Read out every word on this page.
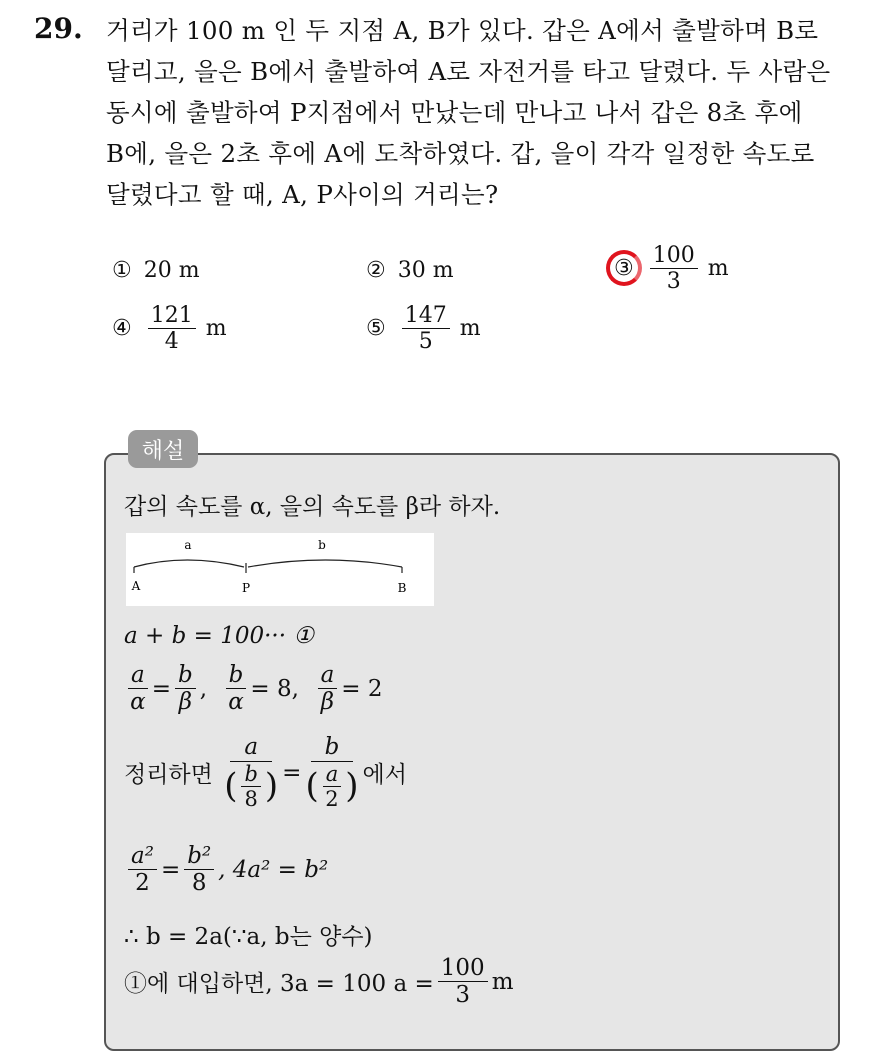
29. 거리가 100 m 인 두 지점 A, B가 있다. 갑은 A에서 출발하며 B로
달리고, 을은 B에서 출발하여 A로 자전거를 타고 달렸다. 두 사람은
동시에 출발하여 P지점에서 만났는데 만나고 나서 갑은 8초 후에
B에, 을은 2초 후에 A에 도착하였다. 갑, 을이 각각 일정한 속도로
달렸다고 할 때, A, P사이의 거리는?
① 20 m	② 30 m	③ $\frac{100}{3}$ m
④ $\frac{121}{4}$ m	⑤ $\frac{147}{5}$ m
해설
갑의 속도를 α, 을의 속도를 β라 하자.
a	b
A	P	B
a + b = 100··· ①
$\frac{a}{\alpha} = \frac{b}{\beta}$ , $\frac{b}{\alpha} = 8$,
$\frac{a}{\beta} = 2$
정리하면
$\frac{a}{( \frac{b}{8} )} = \frac{b}{( \frac{a}{2} )}$ 에서
$\frac{\text{a²}}{2} = \frac{\text{b²}}{8}$ , 4a² = b²
∴ b = 2a(∵a, b는 양수)
①에 대입하면, 3a = 100 $a = \frac{100}{3}$ m
